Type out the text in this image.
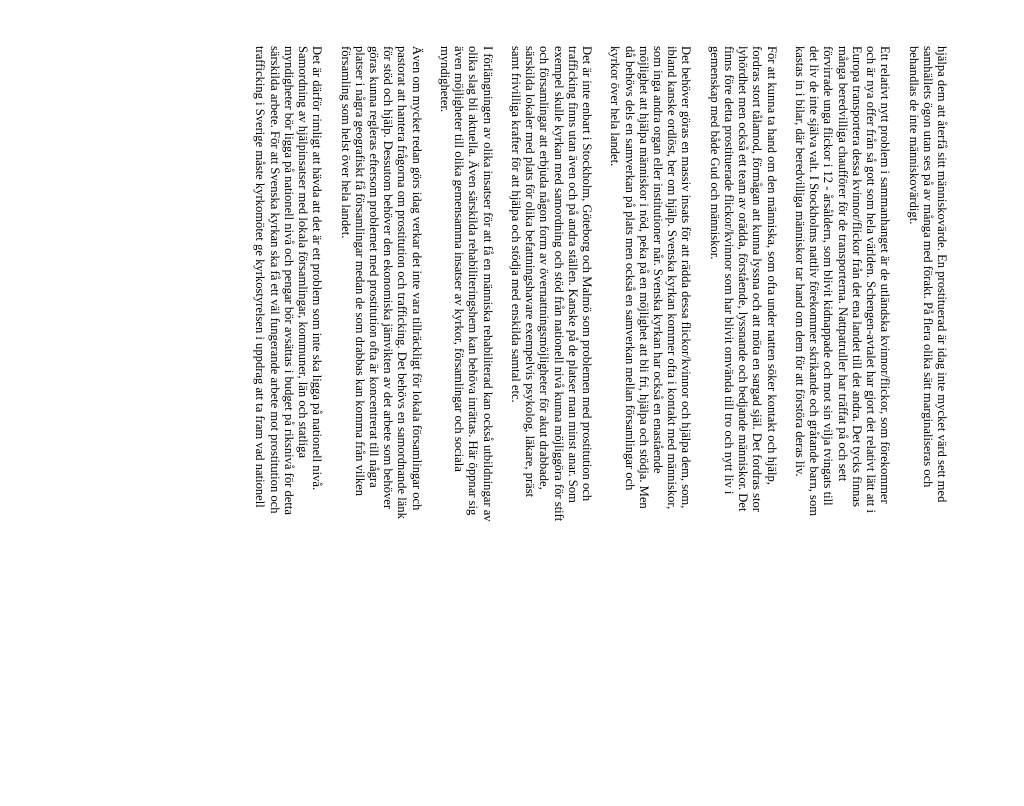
hjälpa dem att återfå sitt människovärde. En prostituerad är idag inte mycket värd sett med
samhällets ögon utan ses på av många med förakt. På flera olika sätt marginaliseras och
behandlas de inte människovärdigt.

Ett relativt nytt problem i sammanhanget är de utländska kvinnor/flickor, som förekommer
och är nya offer från så gott som hela världen. Schengen-avtalet har gjort det relativt lätt att i
Europa transportera dessa kvinnor/flickor från det ena landet till det andra. Det tycks finnas
många beredvilliga chaufförer för de transporterna. Nattpatruller har träffat på och sett
förvirrade unga flickor i 12 - årsåldern, som blivit kidnappade och mot sin vilja tvingats till
det liv de inte själva valt. I Stockholms nattliv förekommer skrikande och gråtande barn, som
kastas in i bilar, där beredvilliga människor tar hand om dem för att förstöra deras liv.

För att kunna ta hand om den människa, som ofta under natten söker kontakt och hjälp,
fordras stort tålamod, förmågan att kunna lyssna och att möta en sargad själ. Det fordras stor
lyhördhet men också ett team av orädda, förstående, lyssnande och bedjande människor. Det
finns före detta prostituerade flickor/kvinnor som har blivit omvända till tro och nytt liv i
gemenskap med både Gud och människor.

Det behöver göras en massiv insats för att rädda dessa flickor/kvinnor och hjälpa dem, som,
ibland kanske ordlöst, ber om hjälp. Svenska kyrkan kommer ofta i kontakt med människor,
som inga andra organ eller institutioner når. Svenska kyrkan har också en enastående
möjlighet att hjälpa människor i nöd, peka på en möjlighet att bli fri, hjälpa och stödja. Men
då behövs dels en samverkan på plats men också en samverkan mellan församlingar och
kyrkor över hela landet.

Det är inte enbart i Stockholm, Göteborg och Malmö som problemen med prostitution och
trafficking finns utan även och på andra ställen. Kanske på de platser man minst anar. Som
exempel skulle kyrkan med samordning och stöd från nationell nivå kunna möjliggöra för stift
och församlingar att erbjuda någon form av övernattningsmöjligheter för akut drabbade,
särskilda lokaler med plats för olika befattningshavare exempelvis psykolog, läkare, präst
samt frivilliga krafter för att hjälpa och stödja med enskilda samtal etc.

I förlängningen av olika insatser för att få en människa rehabiliterad kan också utbildningar av
olika slag bli aktuella. Även särskilda rehabiliteringshem kan behöva inrättas. Här öppnar sig
även möjligheter till olika gemensamma insatser av kyrkor, församlingar och sociala
myndigheter.

Även om mycket redan görs idag verkar det inte vara tillräckligt för lokala församlingar och
pastorat att hantera frågorna om prostitution och trafficking. Det behövs en samordnande länk
för stöd och hjälp. Dessutom behöver den ekonomiska jämvikten av det arbete som behöver
göras kunna regleras eftersom problemet med prostitution ofta är koncentrerat till några
platser i några geografiskt få församlingar medan de som drabbas kan komma från vilken
församling som helst över hela landet.

Det är därför rimligt att hävda att det är ett problem som inte ska ligga på nationell nivå.
Samordning av hjälpinsatser med lokala församlingar, kommuner, län och statliga
myndigheter bör ligga på nationell nivå och pengar bör avsättas i budget på riksnivå för detta
särskilda arbete. För att Svenska kyrkan ska få ett väl fungerande arbete mot prostitution och
trafficking i Sverige måste kyrkomötet ge kyrkostyrelsen i uppdrag att ta fram vad nationell
